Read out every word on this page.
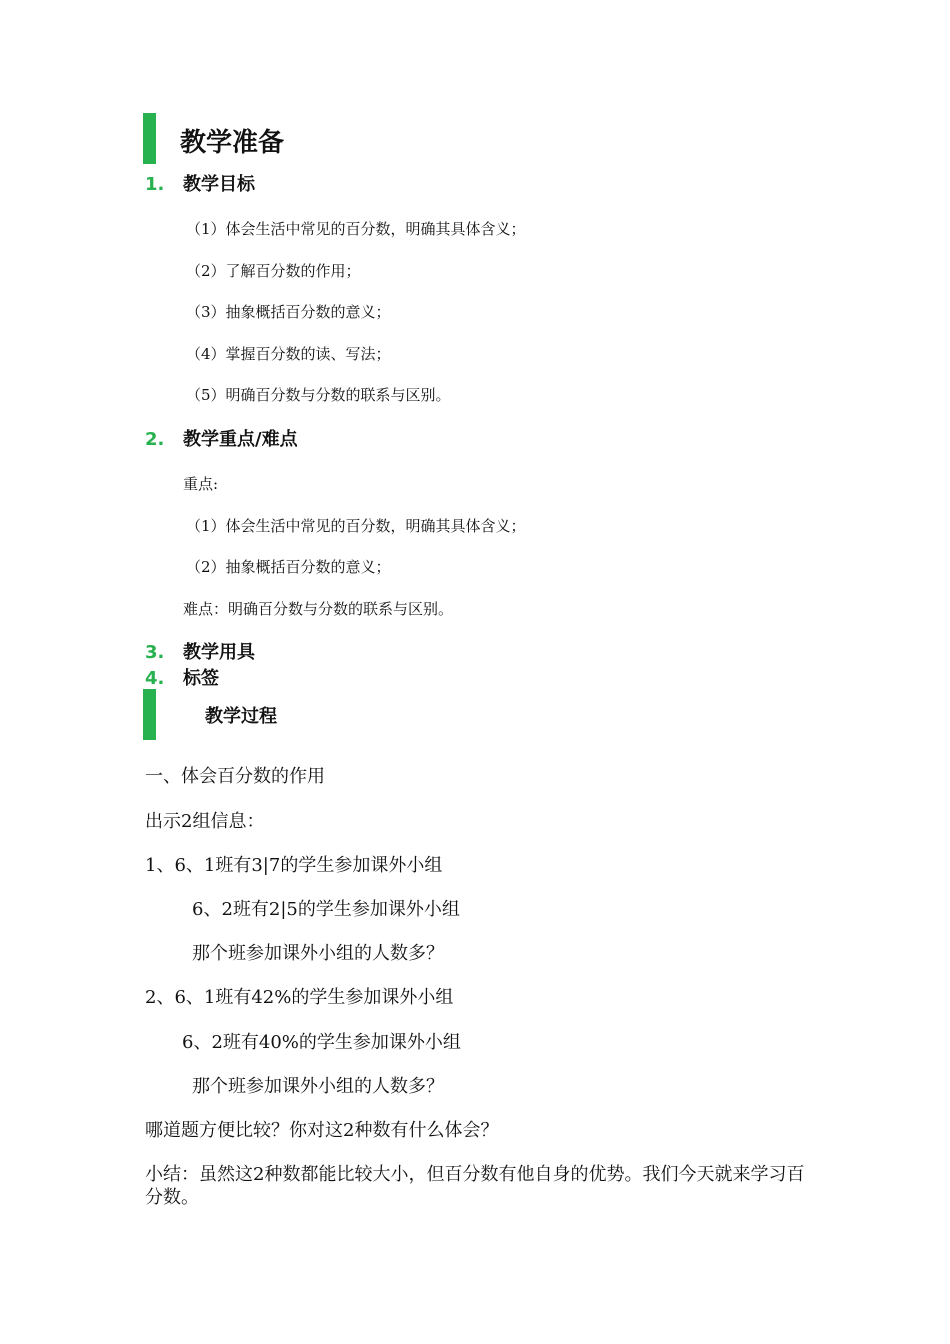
教学准备
1. 教学目标

（1）体会生活中常见的百分数，明确其具体含义；

（2）了解百分数的作用；

（3）抽象概括百分数的意义；

（4）掌握百分数的读、写法；

（5）明确百分数与分数的联系与区别。

2. 教学重点/难点

重点:

（1）体会生活中常见的百分数，明确其具体含义；

（2）抽象概括百分数的意义；

难点：明确百分数与分数的联系与区别。

3. 教学用具
4. 标签
教学过程

一、体会百分数的作用

出示2组信息：

1、6、1班有3|7的学生参加课外小组

6、2班有2|5的学生参加课外小组

那个班参加课外小组的人数多？

2、6、1班有42%的学生参加课外小组

6、2班有40%的学生参加课外小组

那个班参加课外小组的人数多？

哪道题方便比较？你对这2种数有什么体会？

小结：虽然这2种数都能比较大小，但百分数有他自身的优势。我们今天就来学习百分数。
